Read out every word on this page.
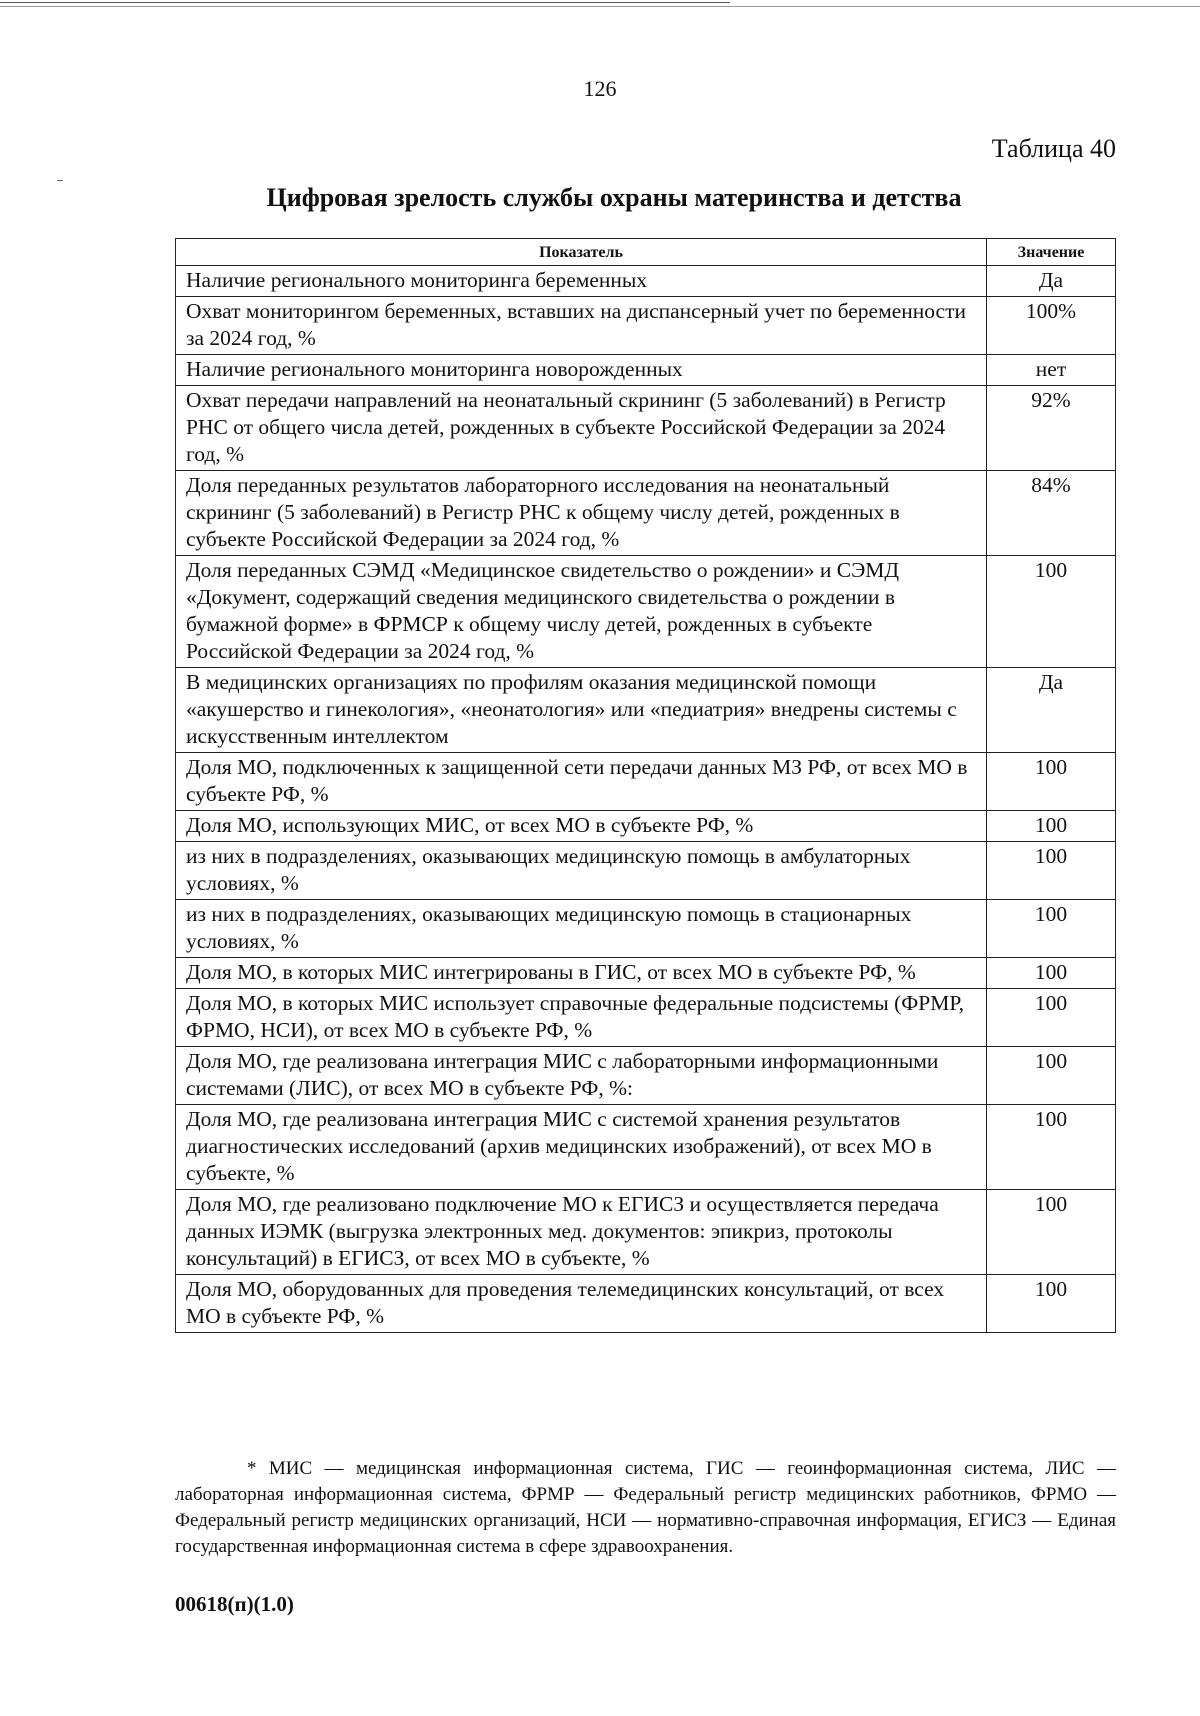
126
Таблица 40
Цифровая зрелость службы охраны материнства и детства
Показатель	Значение
Наличие регионального мониторинга беременных	Да
Охват мониторингом беременных, вставших на диспансерный учет по беременности за 2024 год, %	100%
Наличие регионального мониторинга новорожденных	нет
Охват передачи направлений на неонатальный скрининг (5 заболеваний) в Регистр РНС от общего числа детей, рожденных в субъекте Российской Федерации за 2024 год, %	92%
Доля переданных результатов лабораторного исследования на неонатальный скрининг (5 заболеваний) в Регистр РНС к общему числу детей, рожденных в субъекте Российской Федерации за 2024 год, %	84%
Доля переданных СЭМД «Медицинское свидетельство о рождении» и СЭМД «Документ, содержащий сведения медицинского свидетельства о рождении в бумажной форме» в ФРМСР к общему числу детей, рожденных в субъекте Российской Федерации за 2024 год, %	100
В медицинских организациях по профилям оказания медицинской помощи «акушерство и гинекология», «неонатология» или «педиатрия» внедрены системы с искусственным интеллектом	Да
Доля МО, подключенных к защищенной сети передачи данных МЗ РФ, от всех МО в субъекте РФ, %	100
Доля МО, использующих МИС, от всех МО в субъекте РФ, %	100
из них в подразделениях, оказывающих медицинскую помощь в амбулаторных условиях, %	100
из них в подразделениях, оказывающих медицинскую помощь в стационарных условиях, %	100
Доля МО, в которых МИС интегрированы в ГИС, от всех МО в субъекте РФ, %	100
Доля МО, в которых МИС использует справочные федеральные подсистемы (ФРМР, ФРМО, НСИ), от всех МО в субъекте РФ, %	100
Доля МО, где реализована интеграция МИС с лабораторными информационными системами (ЛИС), от всех МО в субъекте РФ, %:	100
Доля МО, где реализована интеграция МИС с системой хранения результатов диагностических исследований (архив медицинских изображений), от всех МО в субъекте, %	100
Доля МО, где реализовано подключение МО к ЕГИСЗ и осуществляется передача данных ИЭМК (выгрузка электронных мед. документов: эпикриз, протоколы консультаций) в ЕГИСЗ, от всех МО в субъекте, %	100
Доля МО, оборудованных для проведения телемедицинских консультаций, от всех МО в субъекте РФ, %	100
* МИС — медицинская информационная система, ГИС — геоинформационная система, ЛИС — лабораторная информационная система, ФРМР — Федеральный регистр медицинских работников, ФРМО — Федеральный регистр медицинских организаций, НСИ — нормативно-справочная информация, ЕГИСЗ — Единая государственная информационная система в сфере здравоохранения.
00618(п)(1.0)
